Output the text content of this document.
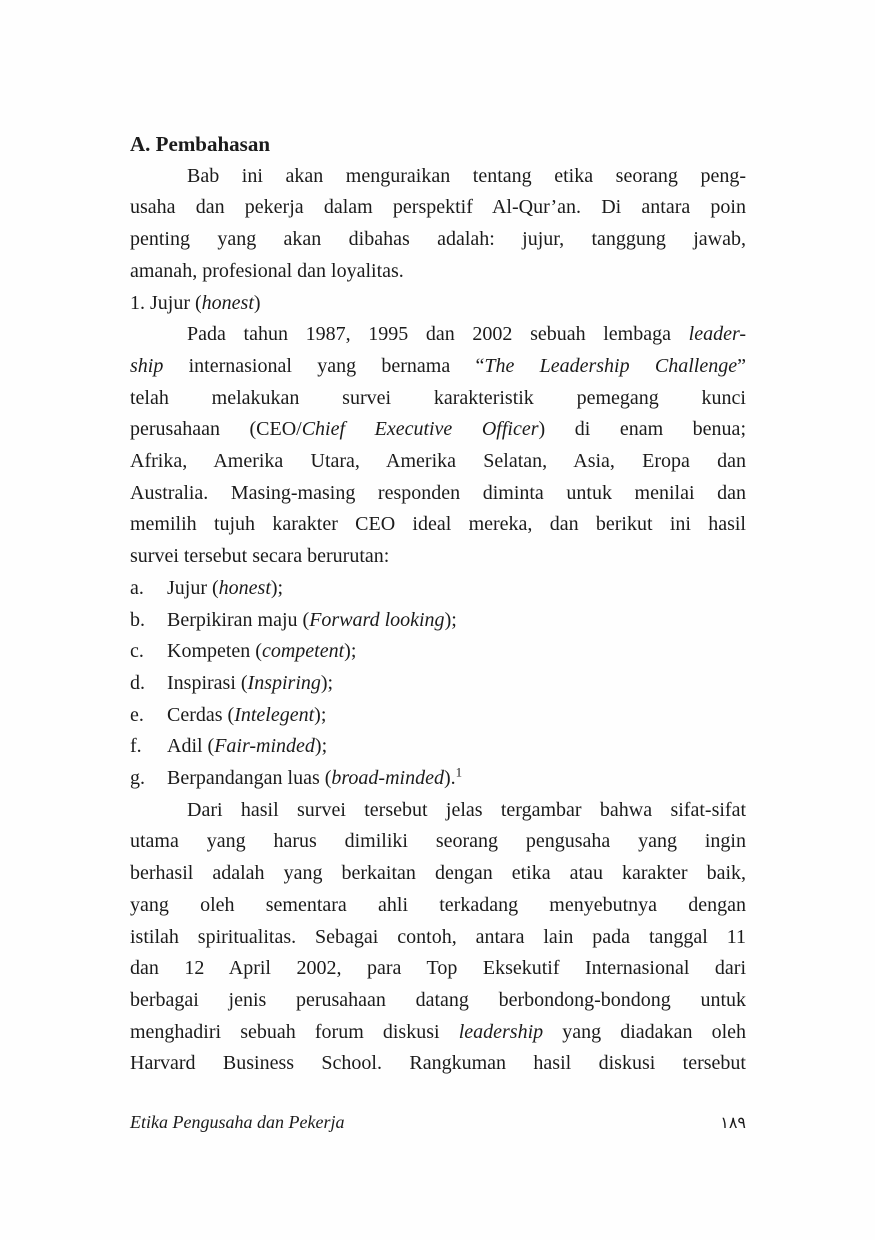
A. Pembahasan
Bab ini akan menguraikan tentang etika seorang peng-
usaha dan pekerja dalam perspektif Al-Qur’an. Di antara poin
penting yang akan dibahas adalah: jujur, tanggung jawab,
amanah, profesional dan loyalitas.
1. Jujur (honest)
Pada tahun 1987, 1995 dan 2002 sebuah lembaga leader-
ship internasional yang bernama “The Leadership Challenge”
telah melakukan survei karakteristik pemegang kunci
perusahaan (CEO/Chief Executive Officer) di enam benua;
Afrika, Amerika Utara, Amerika Selatan, Asia, Eropa dan
Australia. Masing-masing responden diminta untuk menilai dan
memilih tujuh karakter CEO ideal mereka, dan berikut ini hasil
survei tersebut secara berurutan:
a.	Jujur (honest);
b.	Berpikiran maju (Forward looking);
c.	Kompeten (competent);
d.	Inspirasi (Inspiring);
e.	Cerdas (Intelegent);
f.	Adil (Fair-minded);
g.	Berpandangan luas (broad-minded).$^1$
Dari hasil survei tersebut jelas tergambar bahwa sifat-sifat
utama yang harus dimiliki seorang pengusaha yang ingin
berhasil adalah yang berkaitan dengan etika atau karakter baik,
yang oleh sementara ahli terkadang menyebutnya dengan
istilah spiritualitas. Sebagai contoh, antara lain pada tanggal 11
dan 12 April 2002, para Top Eksekutif Internasional dari
berbagai jenis perusahaan datang berbondong-bondong untuk
menghadiri sebuah forum diskusi leadership yang diadakan oleh
Harvard Business School. Rangkuman hasil diskusi tersebut
Etika Pengusaha dan Pekerja	١٨٩
